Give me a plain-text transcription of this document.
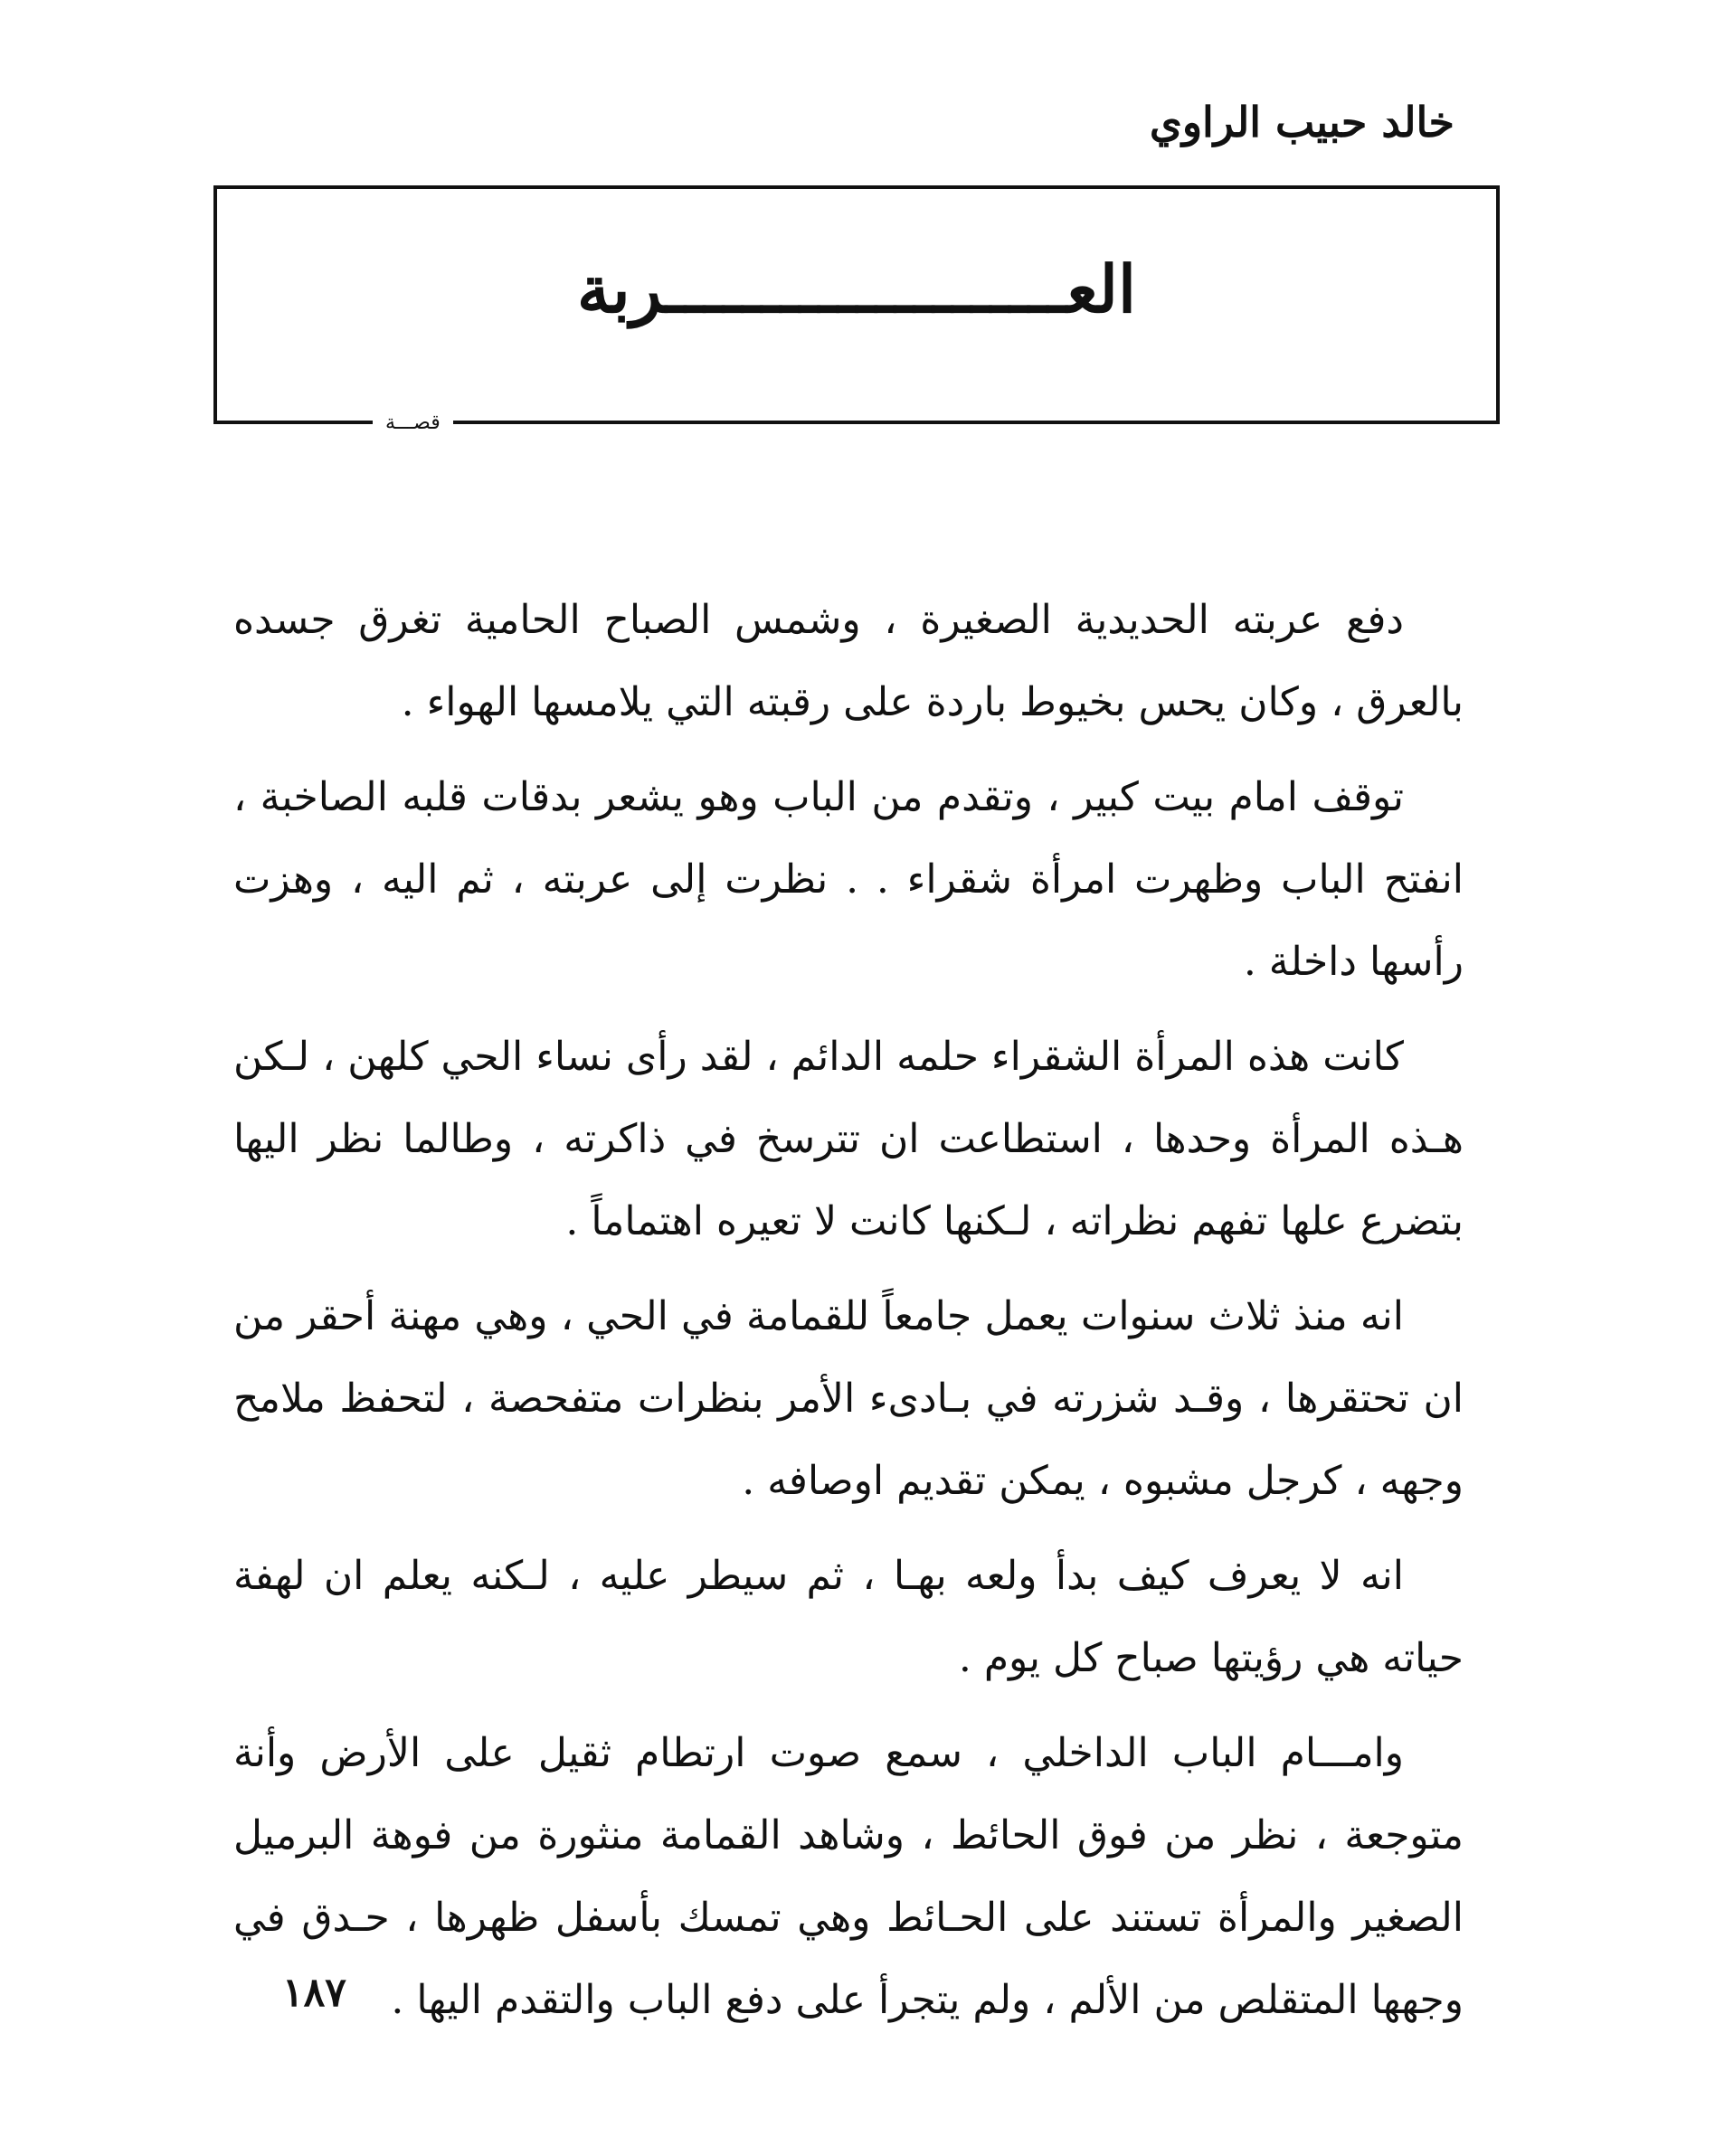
خالد حبيب الراوي
العـــــــــــــــــــــربة
قصـــة

دفع عربته الحديدية الصغيرة ، وشمس الصباح الحامية تغرق جسده بالعرق ، وكان يحس بخيوط باردة على رقبته التي يلامسها الهواء .

توقف امام بيت كبير ، وتقدم من الباب وهو يشعر بدقات قلبه الصاخبة ، انفتح الباب وظهرت امرأة شقراء . . نظرت إلى عربته ، ثم اليه ، وهزت رأسها داخلة .

كانت هذه المرأة الشقراء حلمه الدائم ، لقد رأى نساء الحي كلهن ، لـكن هـذه المرأة وحدها ، استطاعت ان تترسخ في ذاكرته ، وطالما نظر اليها بتضرع علها تفهم نظراته ، لـكنها كانت لا تعيره اهتماماً .

انه منذ ثلاث سنوات يعمل جامعاً للقمامة في الحي ، وهي مهنة أحقر من ان تحتقرها ، وقـد شزرته في بـادىء الأمر بنظرات متفحصة ، لتحفظ ملامح وجهه ، كرجل مشبوه ، يمكن تقديم اوصافه .

انه لا يعرف كيف بدأ ولعه بهـا ، ثم سيطر عليه ، لـكنه يعلم ان لهفة حياته هي رؤيتها صباح كل يوم .

وامـــام الباب الداخلي ، سمع صوت ارتطام ثقيل على الأرض وأنة متوجعة ، نظر من فوق الحائط ، وشاهد القمامة منثورة من فوهة البرميل الصغير والمرأة تستند على الحـائط وهي تمسك بأسفل ظهرها ، حـدق في وجهها المتقلص من الألم ، ولم يتجرأ على دفع الباب والتقدم اليها .

١٨٧
